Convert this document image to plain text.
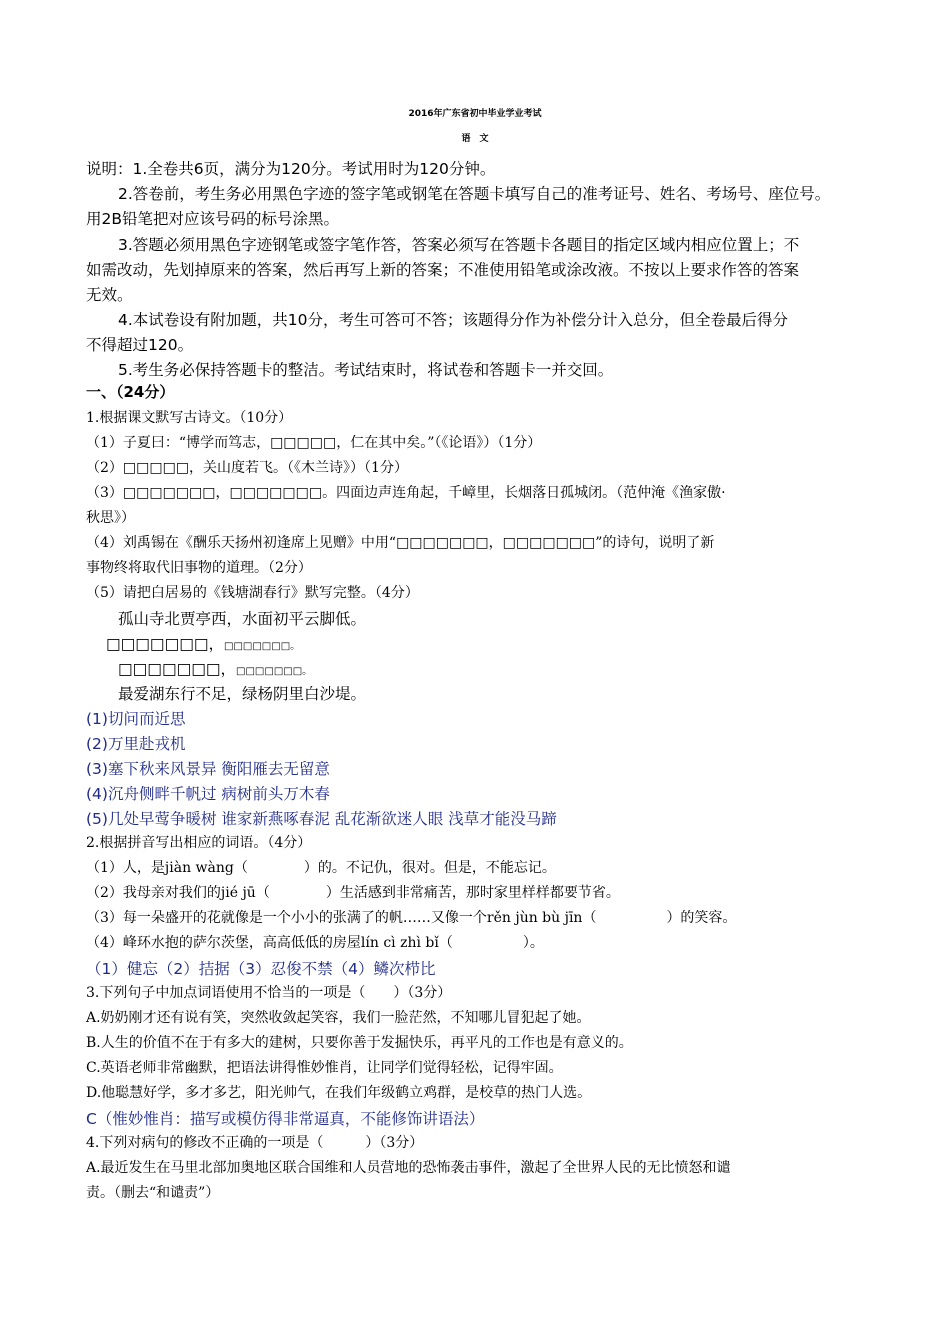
2016年广东省初中毕业学业考试
语　文
说明：1.全卷共6页，满分为120分。考试用时为120分钟。
2.答卷前，考生务必用黑色字迹的签字笔或钢笔在答题卡填写自己的准考证号、姓名、考场号、座位号。
用2B铅笔把对应该号码的标号涂黑。
3.答题必须用黑色字迹钢笔或签字笔作答，答案必须写在答题卡各题目的指定区域内相应位置上；不
如需改动，先划掉原来的答案，然后再写上新的答案；不准使用铅笔或涂改液。不按以上要求作答的答案
无效。
4.本试卷设有附加题，共10分，考生可答可不答；该题得分作为补偿分计入总分，但全卷最后得分
不得超过120。
5.考生务必保持答题卡的整洁。考试结束时，将试卷和答题卡一并交回。
一、（24分）
1.根据课文默写古诗文。（10分）
（1）子夏曰：“博学而笃志，□□□□□，仁在其中矣。”（《论语》）（1分）
（2）□□□□□，关山度若飞。（《木兰诗》）（1分）
（3）□□□□□□□，□□□□□□□。四面边声连角起，千嶂里，长烟落日孤城闭。（范仲淹《渔家傲·
秋思》）
（4）刘禹锡在《酬乐天扬州初逢席上见赠》中用“□□□□□□□，□□□□□□□”的诗句，说明了新
事物终将取代旧事物的道理。（2分）
（5）请把白居易的《钱塘湖春行》默写完整。（4分）
孤山寺北贾亭西，水面初平云脚低。
□□□□□□□，□□□□□□□。
□□□□□□□，□□□□□□□。
最爱湖东行不足，绿杨阴里白沙堤。
(1)切问而近思
(2)万里赴戎机
(3)塞下秋来风景异 衡阳雁去无留意
(4)沉舟侧畔千帆过 病树前头万木春
(5)几处早莺争暖树 谁家新燕啄春泥 乱花渐欲迷人眼 浅草才能没马蹄
2.根据拼音写出相应的词语。（4分）
（1）人，是jiàn wàng（　　　　）的。不记仇，很对。但是，不能忘记。
（2）我母亲对我们的jié jū（　　　　）生活感到非常痛苦，那时家里样样都要节省。
（3）每一朵盛开的花就像是一个小小的张满了的帆……又像一个rěn jùn bù jīn（　　　　　）的笑容。
（4）峰环水抱的萨尔茨堡，高高低低的房屋lín cì zhì bǐ（　　　　　）。
（1）健忘（2）拮据（3）忍俊不禁（4）鳞次栉比
3.下列句子中加点词语使用不恰当的一项是（　　）（3分）
A.奶奶刚才还有说有笑，突然收敛起笑容，我们一脸茫然，不知哪儿冒犯起了她。
B.人生的价值不在于有多大的建树，只要你善于发掘快乐，再平凡的工作也是有意义的。
C.英语老师非常幽默，把语法讲得惟妙惟肖，让同学们觉得轻松，记得牢固。
D.他聪慧好学，多才多艺，阳光帅气，在我们年级鹤立鸡群，是校草的热门人选。
C（惟妙惟肖：描写或模仿得非常逼真，不能修饰讲语法）
4.下列对病句的修改不正确的一项是（　　　）（3分）
A.最近发生在马里北部加奥地区联合国维和人员营地的恐怖袭击事件，激起了全世界人民的无比愤怒和谴
责。（删去“和谴责”）
